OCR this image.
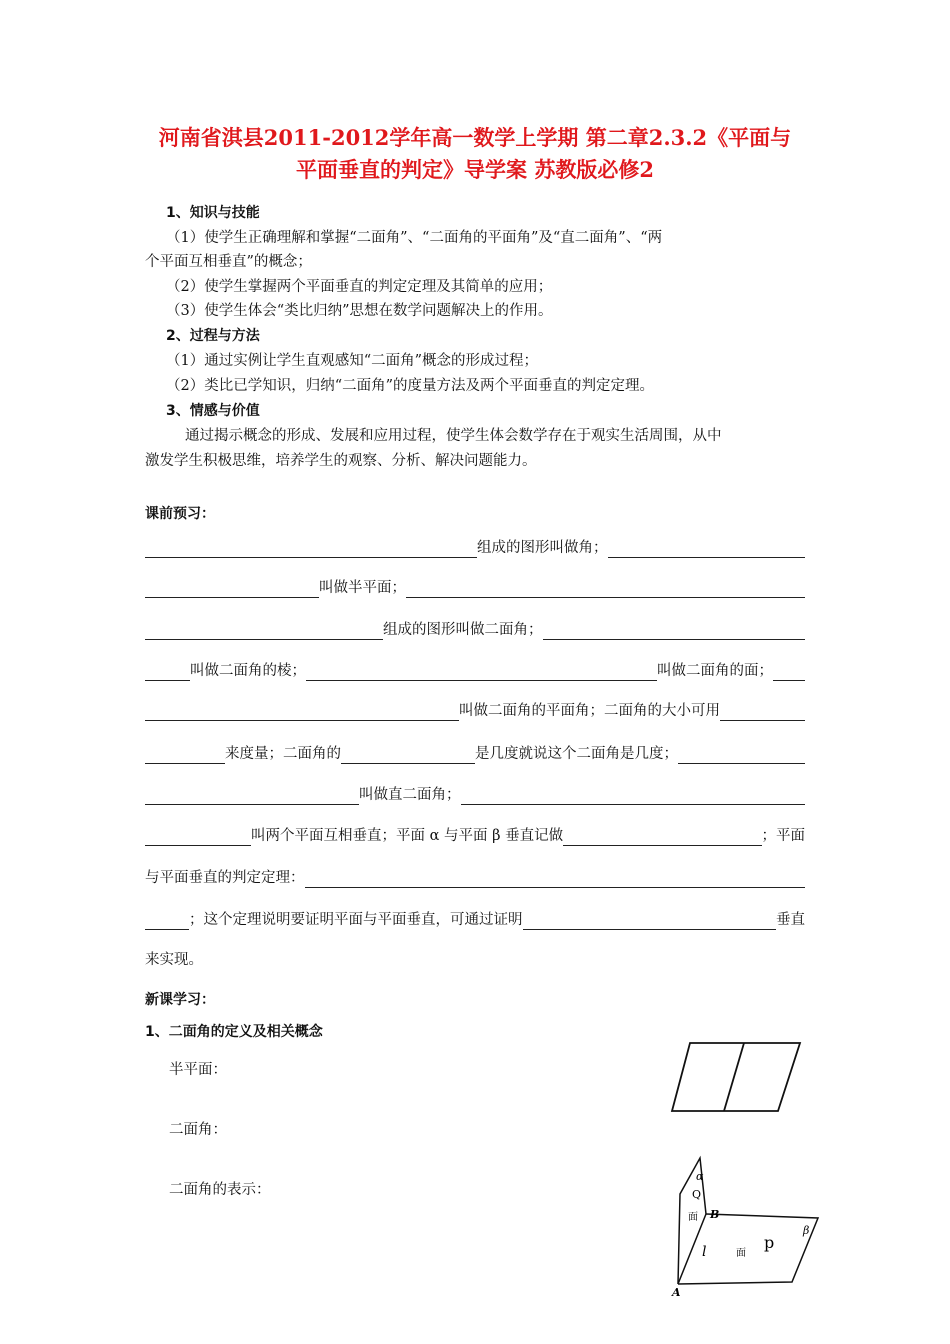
河南省淇县2011-2012学年高一数学上学期 第二章2.3.2《平面与
平面垂直的判定》导学案 苏教版必修2
1、知识与技能
（1）使学生正确理解和掌握“二面角”、“二面角的平面角”及“直二面角”、“两
个平面互相垂直”的概念；
（2）使学生掌握两个平面垂直的判定定理及其简单的应用；
（3）使学生体会“类比归纳”思想在数学问题解决上的作用。
2、过程与方法
（1）通过实例让学生直观感知“二面角”概念的形成过程；
（2）类比已学知识，归纳“二面角”的度量方法及两个平面垂直的判定定理。
3、情感与价值
通过揭示概念的形成、发展和应用过程，使学生体会数学存在于观实生活周围，从中
激发学生积极思维，培养学生的观察、分析、解决问题能力。
课前预习：
组成的图形叫做角；
叫做半平面；
组成的图形叫做二面角；
叫做二面角的棱；	叫做二面角的面；
叫做二面角的平面角；二面角的大小可用
来度量；二面角的	是几度就说这个二面角是几度；
叫做直二面角；
叫两个平面互相垂直；平面 α 与平面 β 垂直记做	；平面
与平面垂直的判定定理：
；这个定理说明要证明平面与平面垂直，可通过证明	垂直
来实现。
新课学习：
1、二面角的定义及相关概念
半平面：
二面角：
二面角的表示：
α
Q
面 B
β
p
l	面
A
